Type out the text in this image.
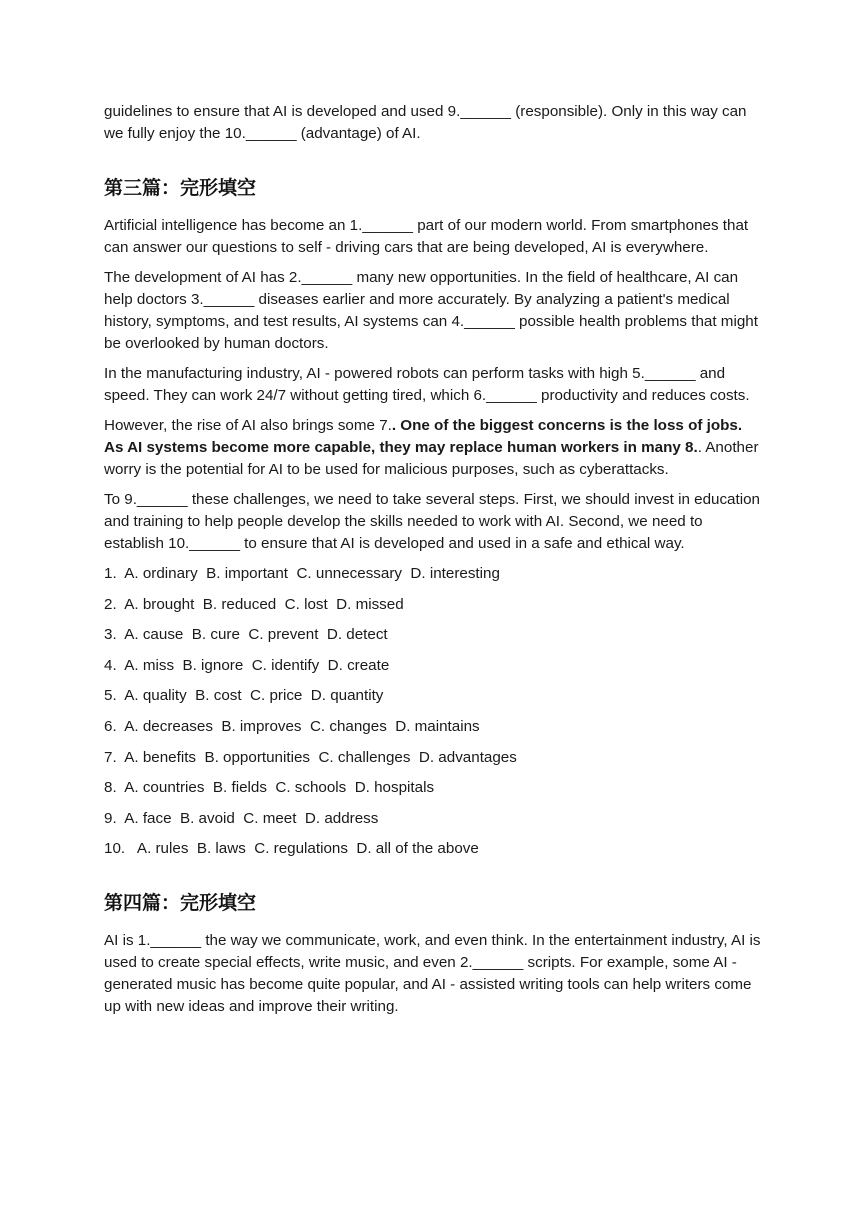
guidelines to ensure that AI is developed and used 9.______ (responsible). Only in this way can we fully enjoy the 10.______ (advantage) of AI.

第三篇：完形填空

Artificial intelligence has become an 1.______ part of our modern world. From smartphones that can answer our questions to self - driving cars that are being developed, AI is everywhere.

The development of AI has 2.______ many new opportunities. In the field of healthcare, AI can help doctors 3.______ diseases earlier and more accurately. By analyzing a patient's medical history, symptoms, and test results, AI systems can 4.______ possible health problems that might be overlooked by human doctors.

In the manufacturing industry, AI - powered robots can perform tasks with high 5.______ and speed. They can work 24/7 without getting tired, which 6.______ productivity and reduces costs.

However, the rise of AI also brings some 7.. One of the biggest concerns is the loss of jobs. As AI systems become more capable, they may replace human workers in many 8.. Another worry is the potential for AI to be used for malicious purposes, such as cyberattacks.

To 9.______ these challenges, we need to take several steps. First, we should invest in education and training to help people develop the skills needed to work with AI. Second, we need to establish 10.______ to ensure that AI is developed and used in a safe and ethical way.

1.  A. ordinary  B. important  C. unnecessary  D. interesting
2.  A. brought  B. reduced  C. lost  D. missed
3.  A. cause  B. cure  C. prevent  D. detect
4.  A. miss  B. ignore  C. identify  D. create
5.  A. quality  B. cost  C. price  D. quantity
6.  A. decreases  B. improves  C. changes  D. maintains
7.  A. benefits  B. opportunities  C. challenges  D. advantages
8.  A. countries  B. fields  C. schools  D. hospitals
9.  A. face  B. avoid  C. meet  D. address
10.   A. rules  B. laws  C. regulations  D. all of the above
第四篇：完形填空

AI is 1.______ the way we communicate, work, and even think. In the entertainment industry, AI is used to create special effects, write music, and even 2.______ scripts. For example, some AI - generated music has become quite popular, and AI - assisted writing tools can help writers come up with new ideas and improve their writing.
